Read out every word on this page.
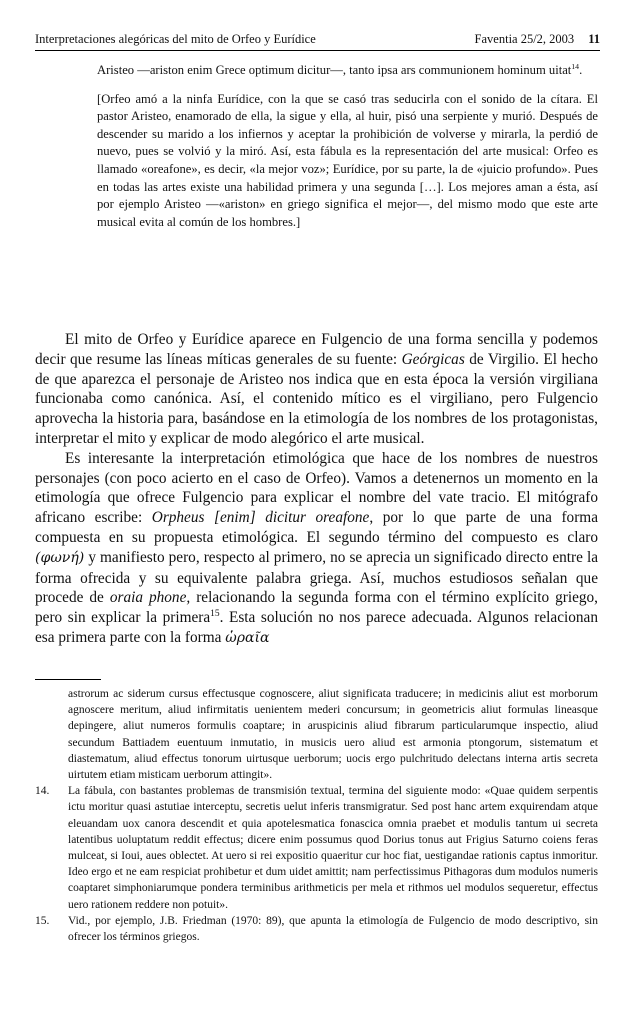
Interpretaciones alegóricas del mito de Orfeo y Eurídice	Faventia 25/2, 2003 11

Aristeo —ariston enim Grece optimum dicitur—, tanto ipsa ars communionem hominum uitat$^{14}$.

[Orfeo amó a la ninfa Eurídice, con la que se casó tras seducirla con el sonido de la cítara. El pastor Aristeo, enamorado de ella, la sigue y ella, al huir, pisó una serpiente y murió. Después de descender su marido a los infiernos y aceptar la prohibición de volverse y mirarla, la perdió de nuevo, pues se volvió y la miró. Así, esta fábula es la representación del arte musical: Orfeo es llamado «oreafone», es decir, «la mejor voz»; Eurídice, por su parte, la de «juicio profundo». Pues en todas las artes existe una habilidad primera y una segunda […]. Los mejores aman a ésta, así por ejemplo Aristeo —«ariston» en griego significa el mejor—, del mismo modo que este arte musical evita al común de los hombres.]

El mito de Orfeo y Eurídice aparece en Fulgencio de una forma sencilla y podemos decir que resume las líneas míticas generales de su fuente: Geórgicas de Virgilio. El hecho de que aparezca el personaje de Aristeo nos indica que en esta época la versión virgiliana funcionaba como canónica. Así, el contenido mítico es el virgiliano, pero Fulgencio aprovecha la historia para, basándose en la etimología de los nombres de los protagonistas, interpretar el mito y explicar de modo alegórico el arte musical.

Es interesante la interpretación etimológica que hace de los nombres de nuestros personajes (con poco acierto en el caso de Orfeo). Vamos a detenernos un momento en la etimología que ofrece Fulgencio para explicar el nombre del vate tracio. El mitógrafo africano escribe: Orpheus [enim] dicitur oreafone, por lo que parte de una forma compuesta en su propuesta etimológica. El segundo término del compuesto es claro (φωνή) y manifiesto pero, respecto al primero, no se aprecia un significado directo entre la forma ofrecida y su equivalente palabra griega. Así, muchos estudiosos señalan que procede de oraia phone, relacionando la segunda forma con el término explícito griego, pero sin explicar la primera$^{15}$. Esta solución no nos parece adecuada. Algunos relacionan esa primera parte con la forma ὡραῖα

astrorum ac siderum cursus effectusque cognoscere, aliut significata traducere; in medicinis aliut est morborum agnoscere meritum, aliud infirmitatis uenientem mederi concursum; in geometricis aliut formulas lineasque depingere, aliut numeros formulis coaptare; in aruspicinis aliud fibrarum particularumque inspectio, aliud secundum Battiadem euentuum inmutatio, in musicis uero aliud est armonia ptongorum, sistematum et diastematum, aliud effectus tonorum uirtusque uerborum; uocis ergo pulchritudo delectans interna artis secreta uirtutem etiam misticam uerborum attingit».

14. La fábula, con bastantes problemas de transmisión textual, termina del siguiente modo: «Quae quidem serpentis ictu moritur quasi astutiae interceptu, secretis uelut inferis transmigratur. Sed post hanc artem exquirendam atque eleuandam uox canora descendit et quia apotelesmatica fonascica omnia praebet et modulis tantum ui secreta latentibus uoluptatum reddit effectus; dicere enim possumus quod Dorius tonus aut Frigius Saturno coiens feras mulceat, si Ioui, aues oblectet. At uero si rei expositio quaeritur cur hoc fiat, uestigandae rationis captus inmoritur. Ideo ergo et ne eam respiciat prohibetur et dum uidet amittit; nam perfectissimus Pithagoras dum modulos numeris coaptaret simphoniarumque pondera terminibus arithmeticis per mela et rithmos uel modulos sequeretur, effectus uero rationem reddere non potuit».

15. Vid., por ejemplo, J.B. Friedman (1970: 89), que apunta la etimología de Fulgencio de modo descriptivo, sin ofrecer los términos griegos.
